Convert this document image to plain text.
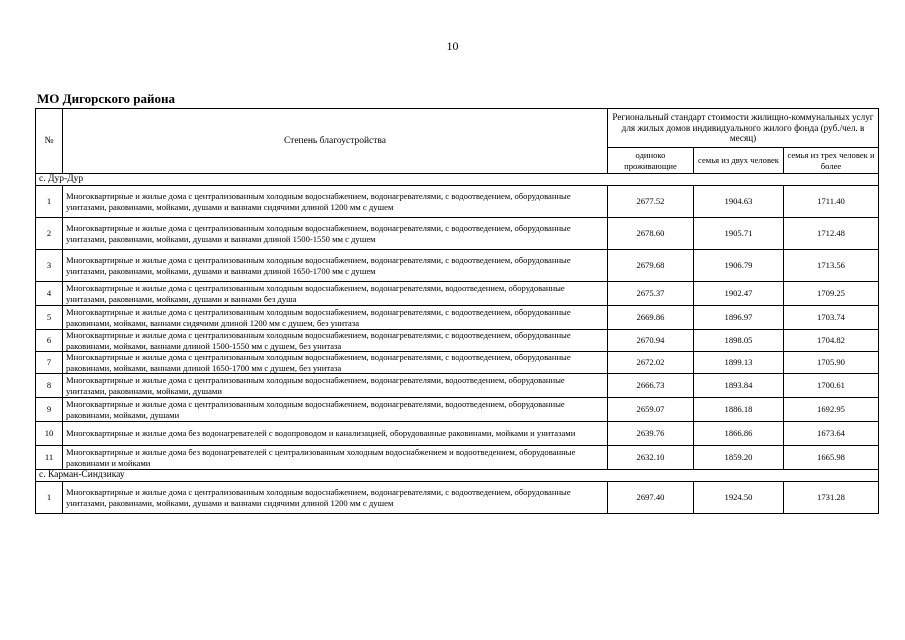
10
МО Дигорского района
№	Степень благоустройства	Региональный стандарт стоимости жилищно-коммунальных услуг для жилых домов индивидуального жилого фонда (руб./чел. в месяц)		
		одиноко проживающие	семья из двух человек	семья из трех человек и более
с. Дур-Дур				
1	Многоквартирные и жилые дома с централизованным холодным водоснабжением, водонагревателями, с водоотведением, оборудованные унитазами, раковинами, мойками, душами и ваннами сидячими длиной 1200 мм с душем	2677.52	1904.63	1711.40
2	Многоквартирные и жилые дома с централизованным холодным водоснабжением, водонагревателями, с водоотведением, оборудованные унитазами, раковинами, мойками, душами и ваннами длиной 1500-1550 мм с душем	2678.60	1905.71	1712.48
3	Многоквартирные и жилые дома с централизованным холодным водоснабжением, водонагревателями, с водоотведением, оборудованные унитазами, раковинами, мойками, душами и ваннами длиной 1650-1700 мм с душем	2679.68	1906.79	1713.56
4	Многоквартирные и жилые дома с централизованным холодным водоснабжением, водонагревателями, водоотведением, оборудованные унитазами, раковинами, мойками, душами и ваннами без душа	2675.37	1902.47	1709.25
5	Многоквартирные и жилые дома с централизованным холодным водоснабжением, водонагревателями, с водоотведением, оборудованные раковинами, мойками, ваннами сидячими длиной 1200 мм с душем, без унитаза	2669.86	1896.97	1703.74
6	Многоквартирные и жилые дома с централизованным холодным водоснабжением, водонагревателями, с водоотведением, оборудованные раковинами, мойками, ваннами длиной 1500-1550 мм с душем, без унитаза	2670.94	1898.05	1704.82
7	Многоквартирные и жилые дома с централизованным холодным водоснабжением, водонагревателями, с водоотведением, оборудованные раковинами, мойками, ваннами длиной 1650-1700 мм с душем, без унитаза	2672.02	1899.13	1705.90
8	Многоквартирные и жилые дома с централизованным холодным водоснабжением, водонагревателями, водоотведением, оборудованные унитазами, раковинами, мойками, душами	2666.73	1893.84	1700.61
9	Многоквартирные и жилые дома с централизованным холодным водоснабжением, водонагревателями, водоотведением, оборудованные раковинами, мойками, душами	2659.07	1886.18	1692.95
10	Многоквартирные и жилые дома без водонагревателей с водопроводом и канализацией, оборудованные раковинами, мойками и унитазами	2639.76	1866.86	1673.64
11	Многоквартирные и жилые дома без водонагревателей с централизованным холодным водоснабжением и водоотведением, оборудованные раковинами и мойками	2632.10	1859.20	1665.98
с. Карман-Синдзикау				
1	Многоквартирные и жилые дома с централизованным холодным водоснабжением, водонагревателями, с водоотведением, оборудованные унитазами, раковинами, мойками, душами и ваннами сидячими длиной 1200 мм с душем	2697.40	1924.50	1731.28
